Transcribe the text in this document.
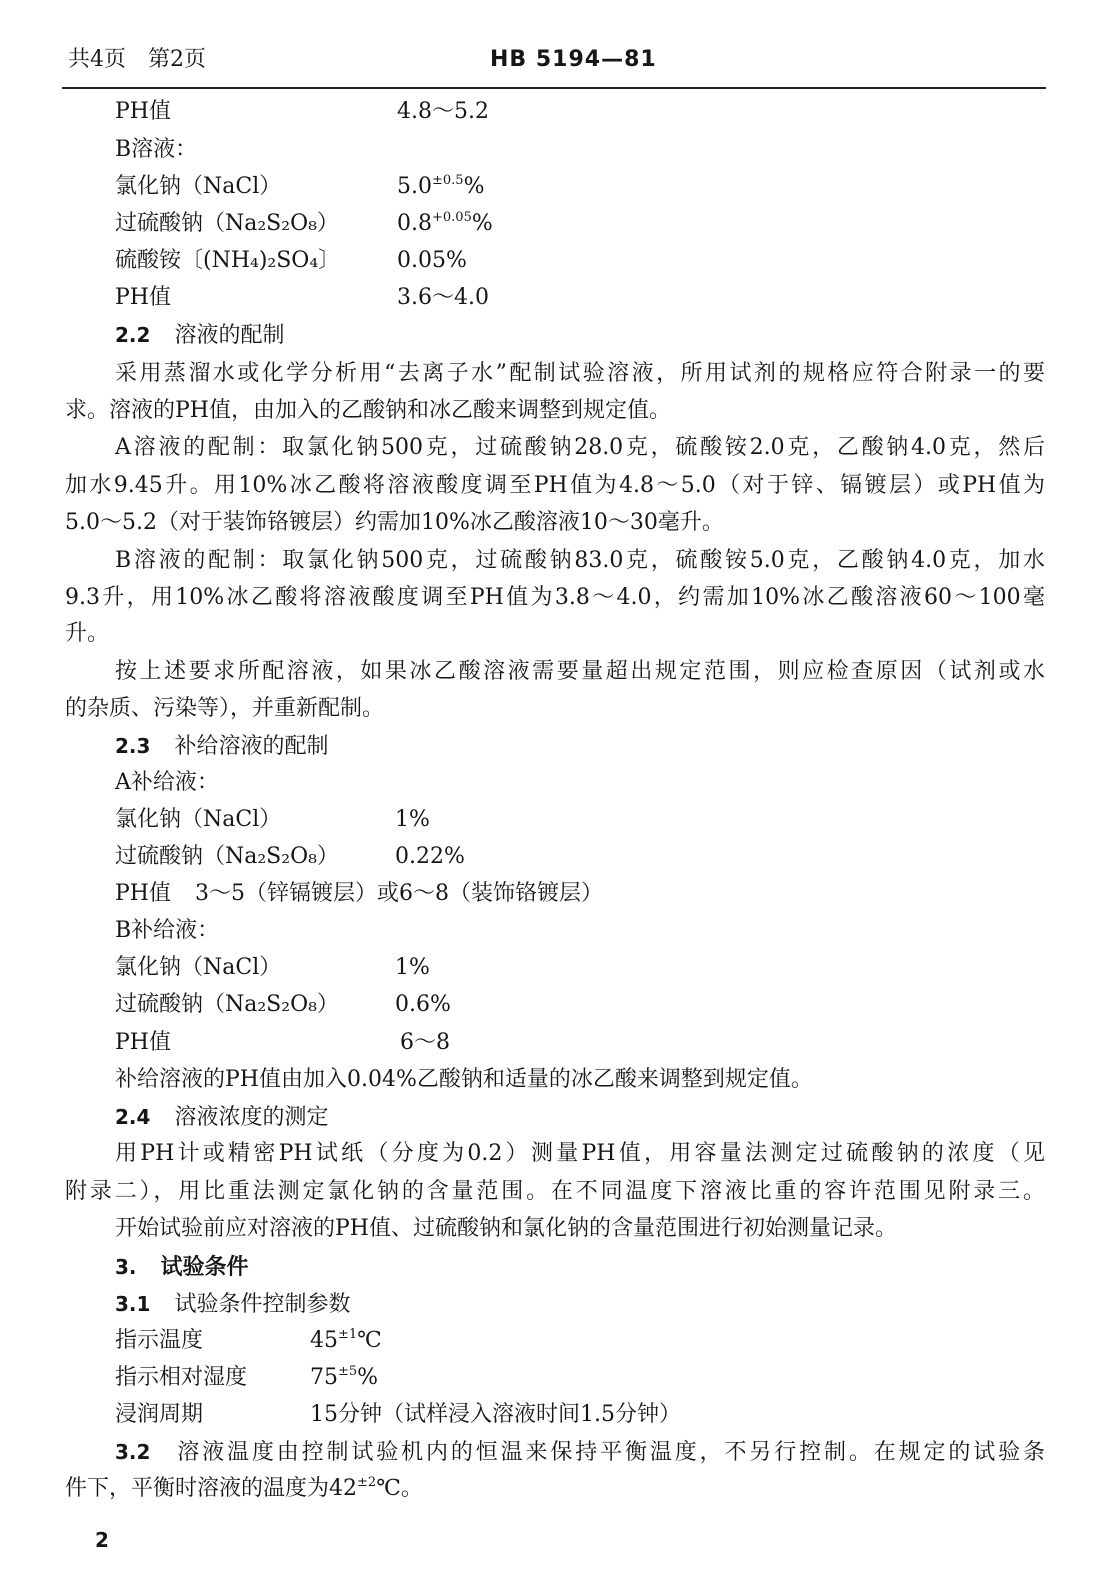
共4页　第2页	HB 5194—81
PH值	4.8～5.2
B溶液：
氯化钠（NaCl）	$5.0^{\pm 0.5}\%$
过硫酸钠（Na₂S₂O₈）	$0.8^{+0.05}\%$
硫酸铵〔(NH₄)₂SO₄〕	0.05%
PH值	3.6～4.0
2.2 溶液的配制
采用蒸溜水或化学分析用“去离子水”配制试验溶液，所用试剂的规格应符合附录一的要
求。溶液的PH值，由加入的乙酸钠和冰乙酸来调整到规定值。
A溶液的配制：取氯化钠500克，过硫酸钠28.0克，硫酸铵2.0克，乙酸钠4.0克，然后
加水9.45升。用10%冰乙酸将溶液酸度调至PH值为4.8～5.0（对于锌、镉镀层）或PH值为
5.0～5.2（对于装饰铬镀层）约需加10%冰乙酸溶液10～30毫升。
B溶液的配制：取氯化钠500克，过硫酸钠83.0克，硫酸铵5.0克，乙酸钠4.0克，加水
9.3升，用10%冰乙酸将溶液酸度调至PH值为3.8～4.0，约需加10%冰乙酸溶液60～100毫
升。
按上述要求所配溶液，如果冰乙酸溶液需要量超出规定范围，则应检查原因（试剂或水
的杂质、污染等），并重新配制。
2.3 补给溶液的配制
A补给液：
氯化钠（NaCl）	1%
过硫酸钠（Na₂S₂O₈）	0.22%
PH值 3～5（锌镉镀层）或6～8（装饰铬镀层）
B补给液：
氯化钠（NaCl）	1%
过硫酸钠（Na₂S₂O₈）	0.6%
PH值	6～8
补给溶液的PH值由加入0.04%乙酸钠和适量的冰乙酸来调整到规定值。
2.4 溶液浓度的测定
用PH计或精密PH试纸（分度为0.2）测量PH值，用容量法测定过硫酸钠的浓度（见
附录二），用比重法测定氯化钠的含量范围。在不同温度下溶液比重的容许范围见附录三。
开始试验前应对溶液的PH值、过硫酸钠和氯化钠的含量范围进行初始测量记录。
3. 试验条件
3.1 试验条件控制参数
指示温度	$45^{\pm 1}℃$
指示相对湿度	$75^{\pm 5}\%$
浸润周期	15分钟（试样浸入溶液时间1.5分钟）
3.2 溶液温度由控制试验机内的恒温来保持平衡温度，不另行控制。在规定的试验条
件下，平衡时溶液的温度为$42^{\pm 2}℃$。
2
